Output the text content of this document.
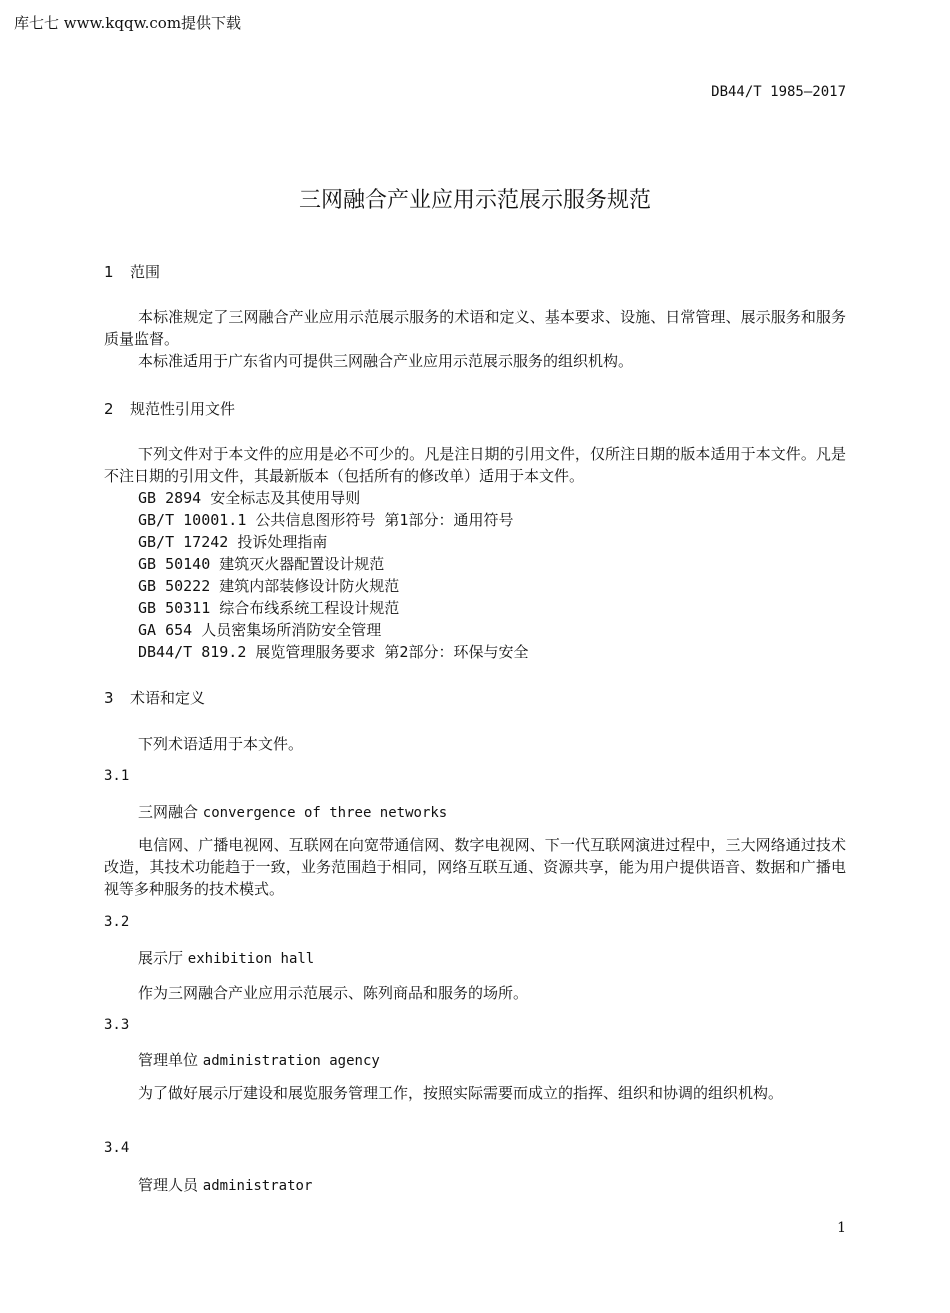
库七七 www.kqqw.com提供下载
DB44/T 1985—2017
三网融合产业应用示范展示服务规范
1 范围
本标准规定了三网融合产业应用示范展示服务的术语和定义、基本要求、设施、日常管理、展示服务和服务质量监督。
本标准适用于广东省内可提供三网融合产业应用示范展示服务的组织机构。
2 规范性引用文件
下列文件对于本文件的应用是必不可少的。凡是注日期的引用文件，仅所注日期的版本适用于本文件。凡是不注日期的引用文件，其最新版本（包括所有的修改单）适用于本文件。
GB 2894 安全标志及其使用导则
GB/T 10001.1 公共信息图形符号 第1部分：通用符号
GB/T 17242 投诉处理指南
GB 50140 建筑灭火器配置设计规范
GB 50222 建筑内部装修设计防火规范
GB 50311 综合布线系统工程设计规范
GA 654 人员密集场所消防安全管理
DB44/T 819.2 展览管理服务要求 第2部分：环保与安全
3 术语和定义
下列术语适用于本文件。
3.1
三网融合 convergence of three networks
电信网、广播电视网、互联网在向宽带通信网、数字电视网、下一代互联网演进过程中，三大网络通过技术改造，其技术功能趋于一致，业务范围趋于相同，网络互联互通、资源共享，能为用户提供语音、数据和广播电视等多种服务的技术模式。
3.2
展示厅 exhibition hall
作为三网融合产业应用示范展示、陈列商品和服务的场所。
3.3
管理单位 administration agency
为了做好展示厅建设和展览服务管理工作，按照实际需要而成立的指挥、组织和协调的组织机构。
3.4
管理人员 administrator
1
